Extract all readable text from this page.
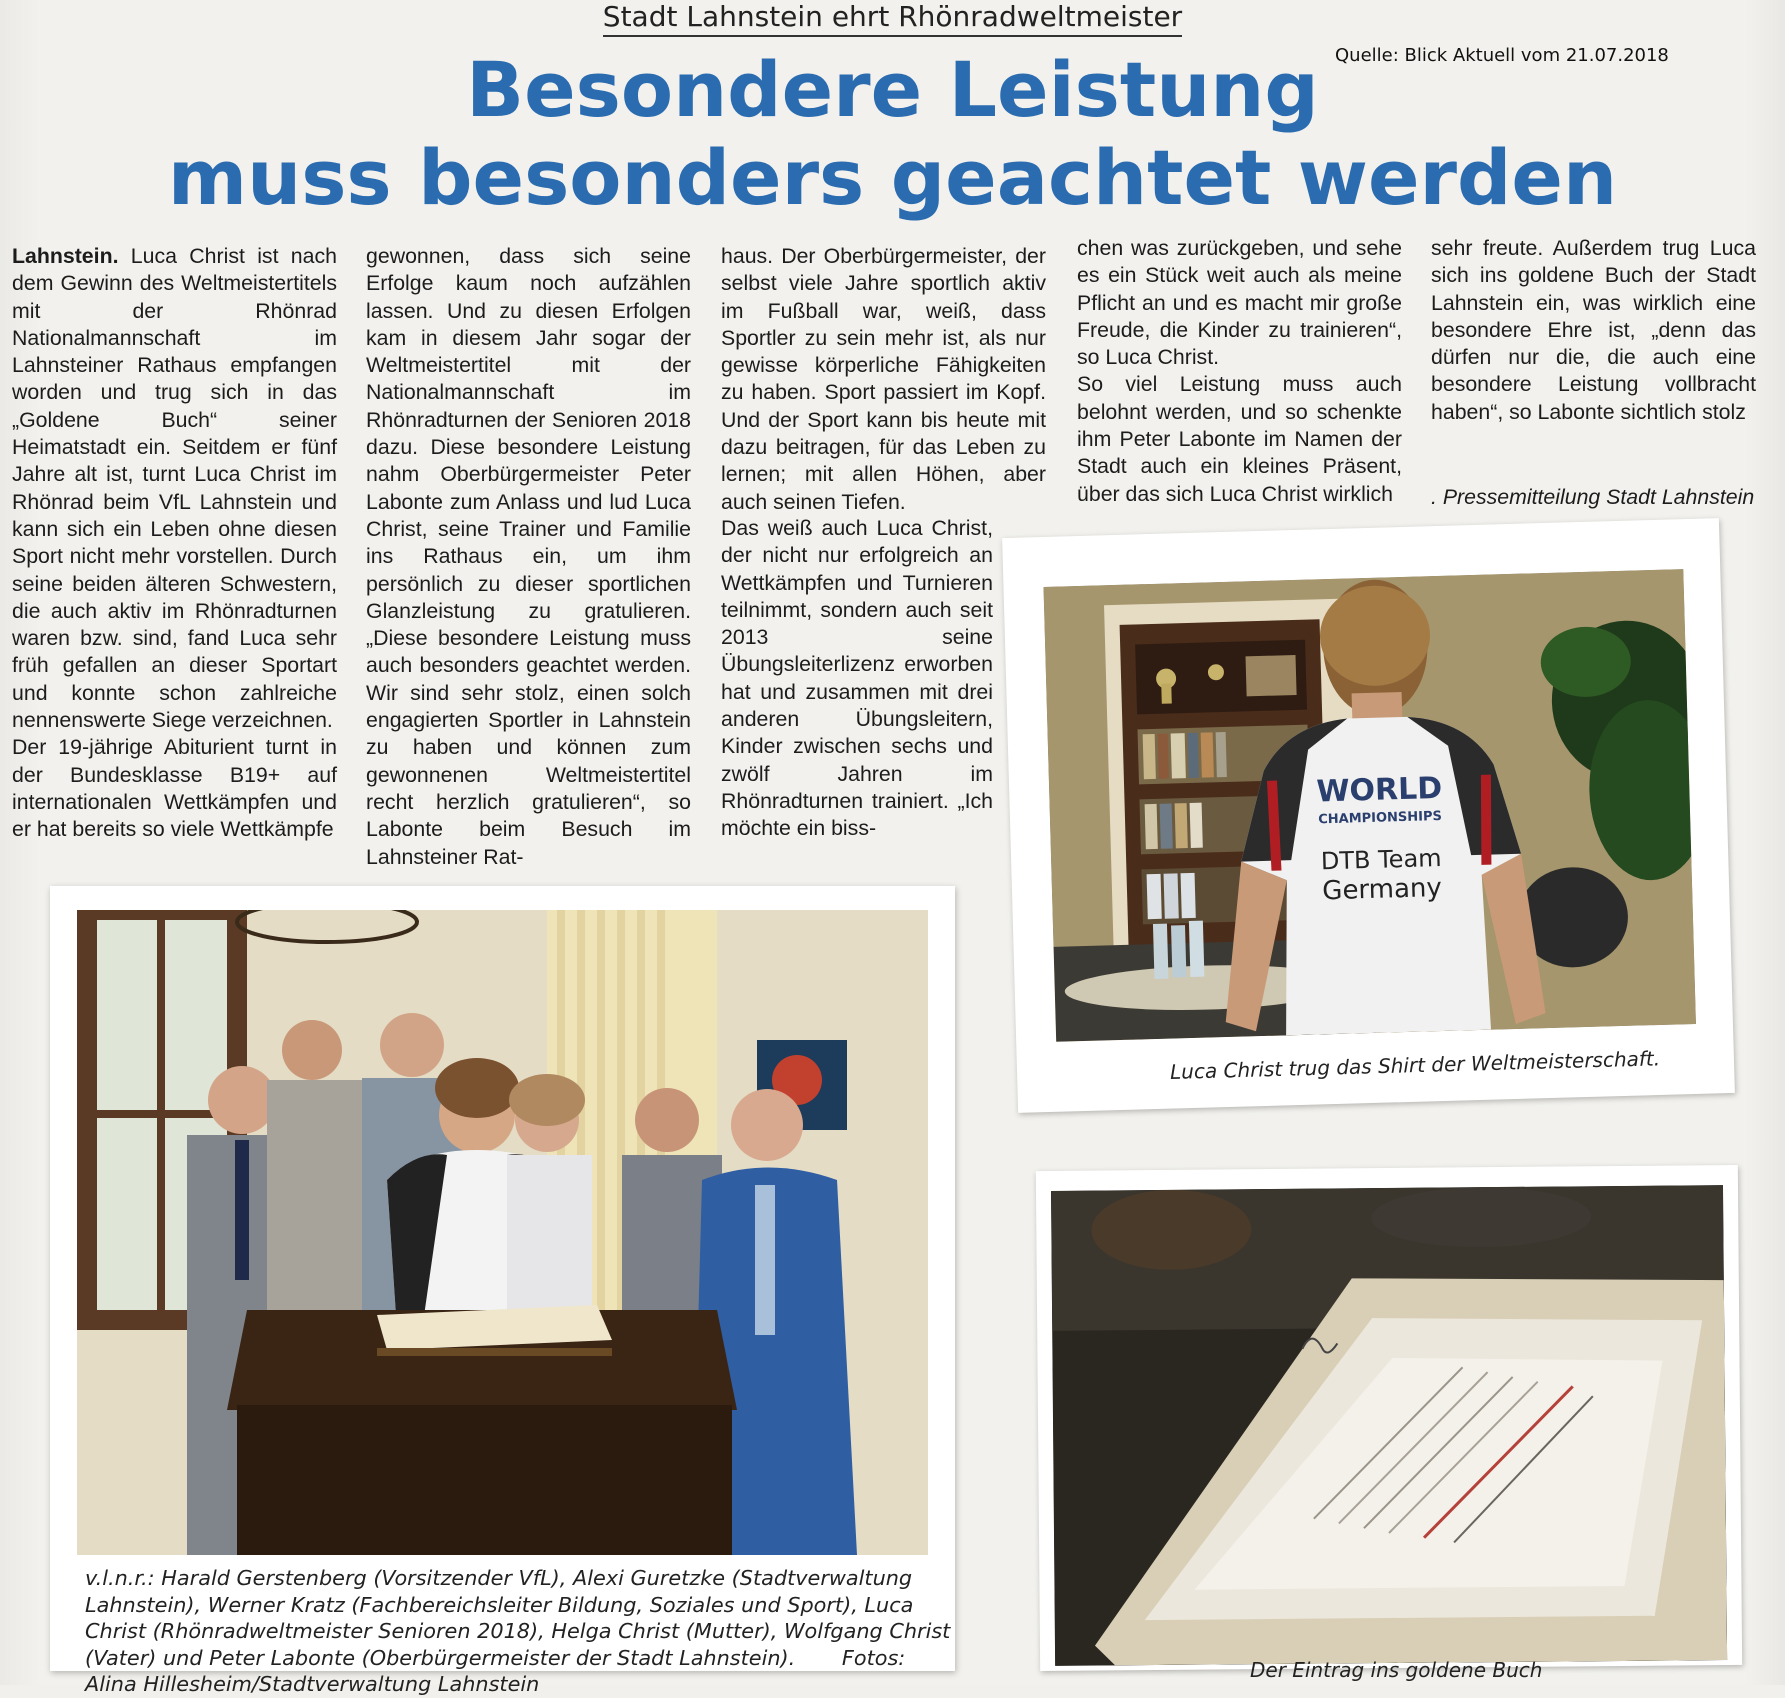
Stadt Lahnstein ehrt Rhönradweltmeister
Quelle: Blick Aktuell vom 21.07.2018
Besondere Leistung
muss besonders geachtet werden

Lahnstein. Luca Christ ist nach dem Gewinn des Weltmeistertitels mit der Rhönrad Nationalmannschaft im Lahnsteiner Rathaus empfangen worden und trug sich in das „Goldene Buch“ seiner Heimatstadt ein. Seitdem er fünf Jahre alt ist, turnt Luca Christ im Rhönrad beim VfL Lahnstein und kann sich ein Leben ohne diesen Sport nicht mehr vorstellen. Durch seine beiden älteren Schwestern, die auch aktiv im Rhönradturnen waren bzw. sind, fand Luca sehr früh gefallen an dieser Sportart und konnte schon zahlreiche nennenswerte Siege verzeichnen.

Der 19-jährige Abiturient turnt in der Bundesklasse B19+ auf internationalen Wettkämpfen und er hat bereits so viele Wettkämpfe

gewonnen, dass sich seine Erfolge kaum noch aufzählen lassen. Und zu diesen Erfolgen kam in diesem Jahr sogar der Weltmeistertitel mit der Nationalmannschaft im Rhönradturnen der Senioren 2018 dazu. Diese besondere Leistung nahm Oberbürgermeister Peter Labonte zum Anlass und lud Luca Christ, seine Trainer und Familie ins Rathaus ein, um ihm persönlich zu dieser sportlichen Glanzleistung zu gratulieren. „Diese besondere Leistung muss auch besonders geachtet werden. Wir sind sehr stolz, einen solch engagierten Sportler in Lahnstein zu haben und können zum gewonnenen Weltmeistertitel recht herzlich gratulieren“, so Labonte beim Besuch im Lahnsteiner Rat-

haus. Der Oberbürgermeister, der selbst viele Jahre sportlich aktiv im Fußball war, weiß, dass Sportler zu sein mehr ist, als nur gewisse körperliche Fähigkeiten zu haben. Sport passiert im Kopf. Und der Sport kann bis heute mit dazu beitragen, für das Leben zu lernen; mit allen Höhen, aber auch seinen Tiefen.

Das weiß auch Luca Christ, der nicht nur erfolgreich an Wettkämpfen und Turnieren teilnimmt, sondern auch seit 2013 seine Übungsleiterlizenz erworben hat und zusammen mit drei anderen Übungsleitern, Kinder zwischen sechs und zwölf Jahren im Rhönradturnen trainiert. „Ich möchte ein biss-

chen was zurückgeben, und sehe es ein Stück weit auch als meine Pflicht an und es macht mir große Freude, die Kinder zu trainieren“, so Luca Christ.

So viel Leistung muss auch belohnt werden, und so schenkte ihm Peter Labonte im Namen der Stadt auch ein kleines Präsent, über das sich Luca Christ wirklich

sehr freute. Außerdem trug Luca sich ins goldene Buch der Stadt Lahnstein ein, was wirklich eine besondere Ehre ist, „denn das dürfen nur die, die auch eine besondere Leistung vollbracht haben“, so Labonte sichtlich stolz

. Pressemitteilung Stadt Lahnstein

WORLD
CHAMPIONSHIPS
DTB Team
Germany
Luca Christ trug das Shirt der Weltmeisterschaft.
Der Eintrag ins goldene Buch
v.l.n.r.: Harald Gerstenberg (Vorsitzender VfL), Alexi Guretzke (Stadtverwaltung Lahnstein), Werner Kratz (Fachbereichsleiter Bildung, Soziales und Sport), Luca Christ (Rhönradweltmeister Senioren 2018), Helga Christ (Mutter), Wolfgang Christ (Vater) und Peter Labonte (Oberbürgermeister der Stadt Lahnstein). Fotos: Alina Hillesheim/Stadtverwaltung Lahnstein
